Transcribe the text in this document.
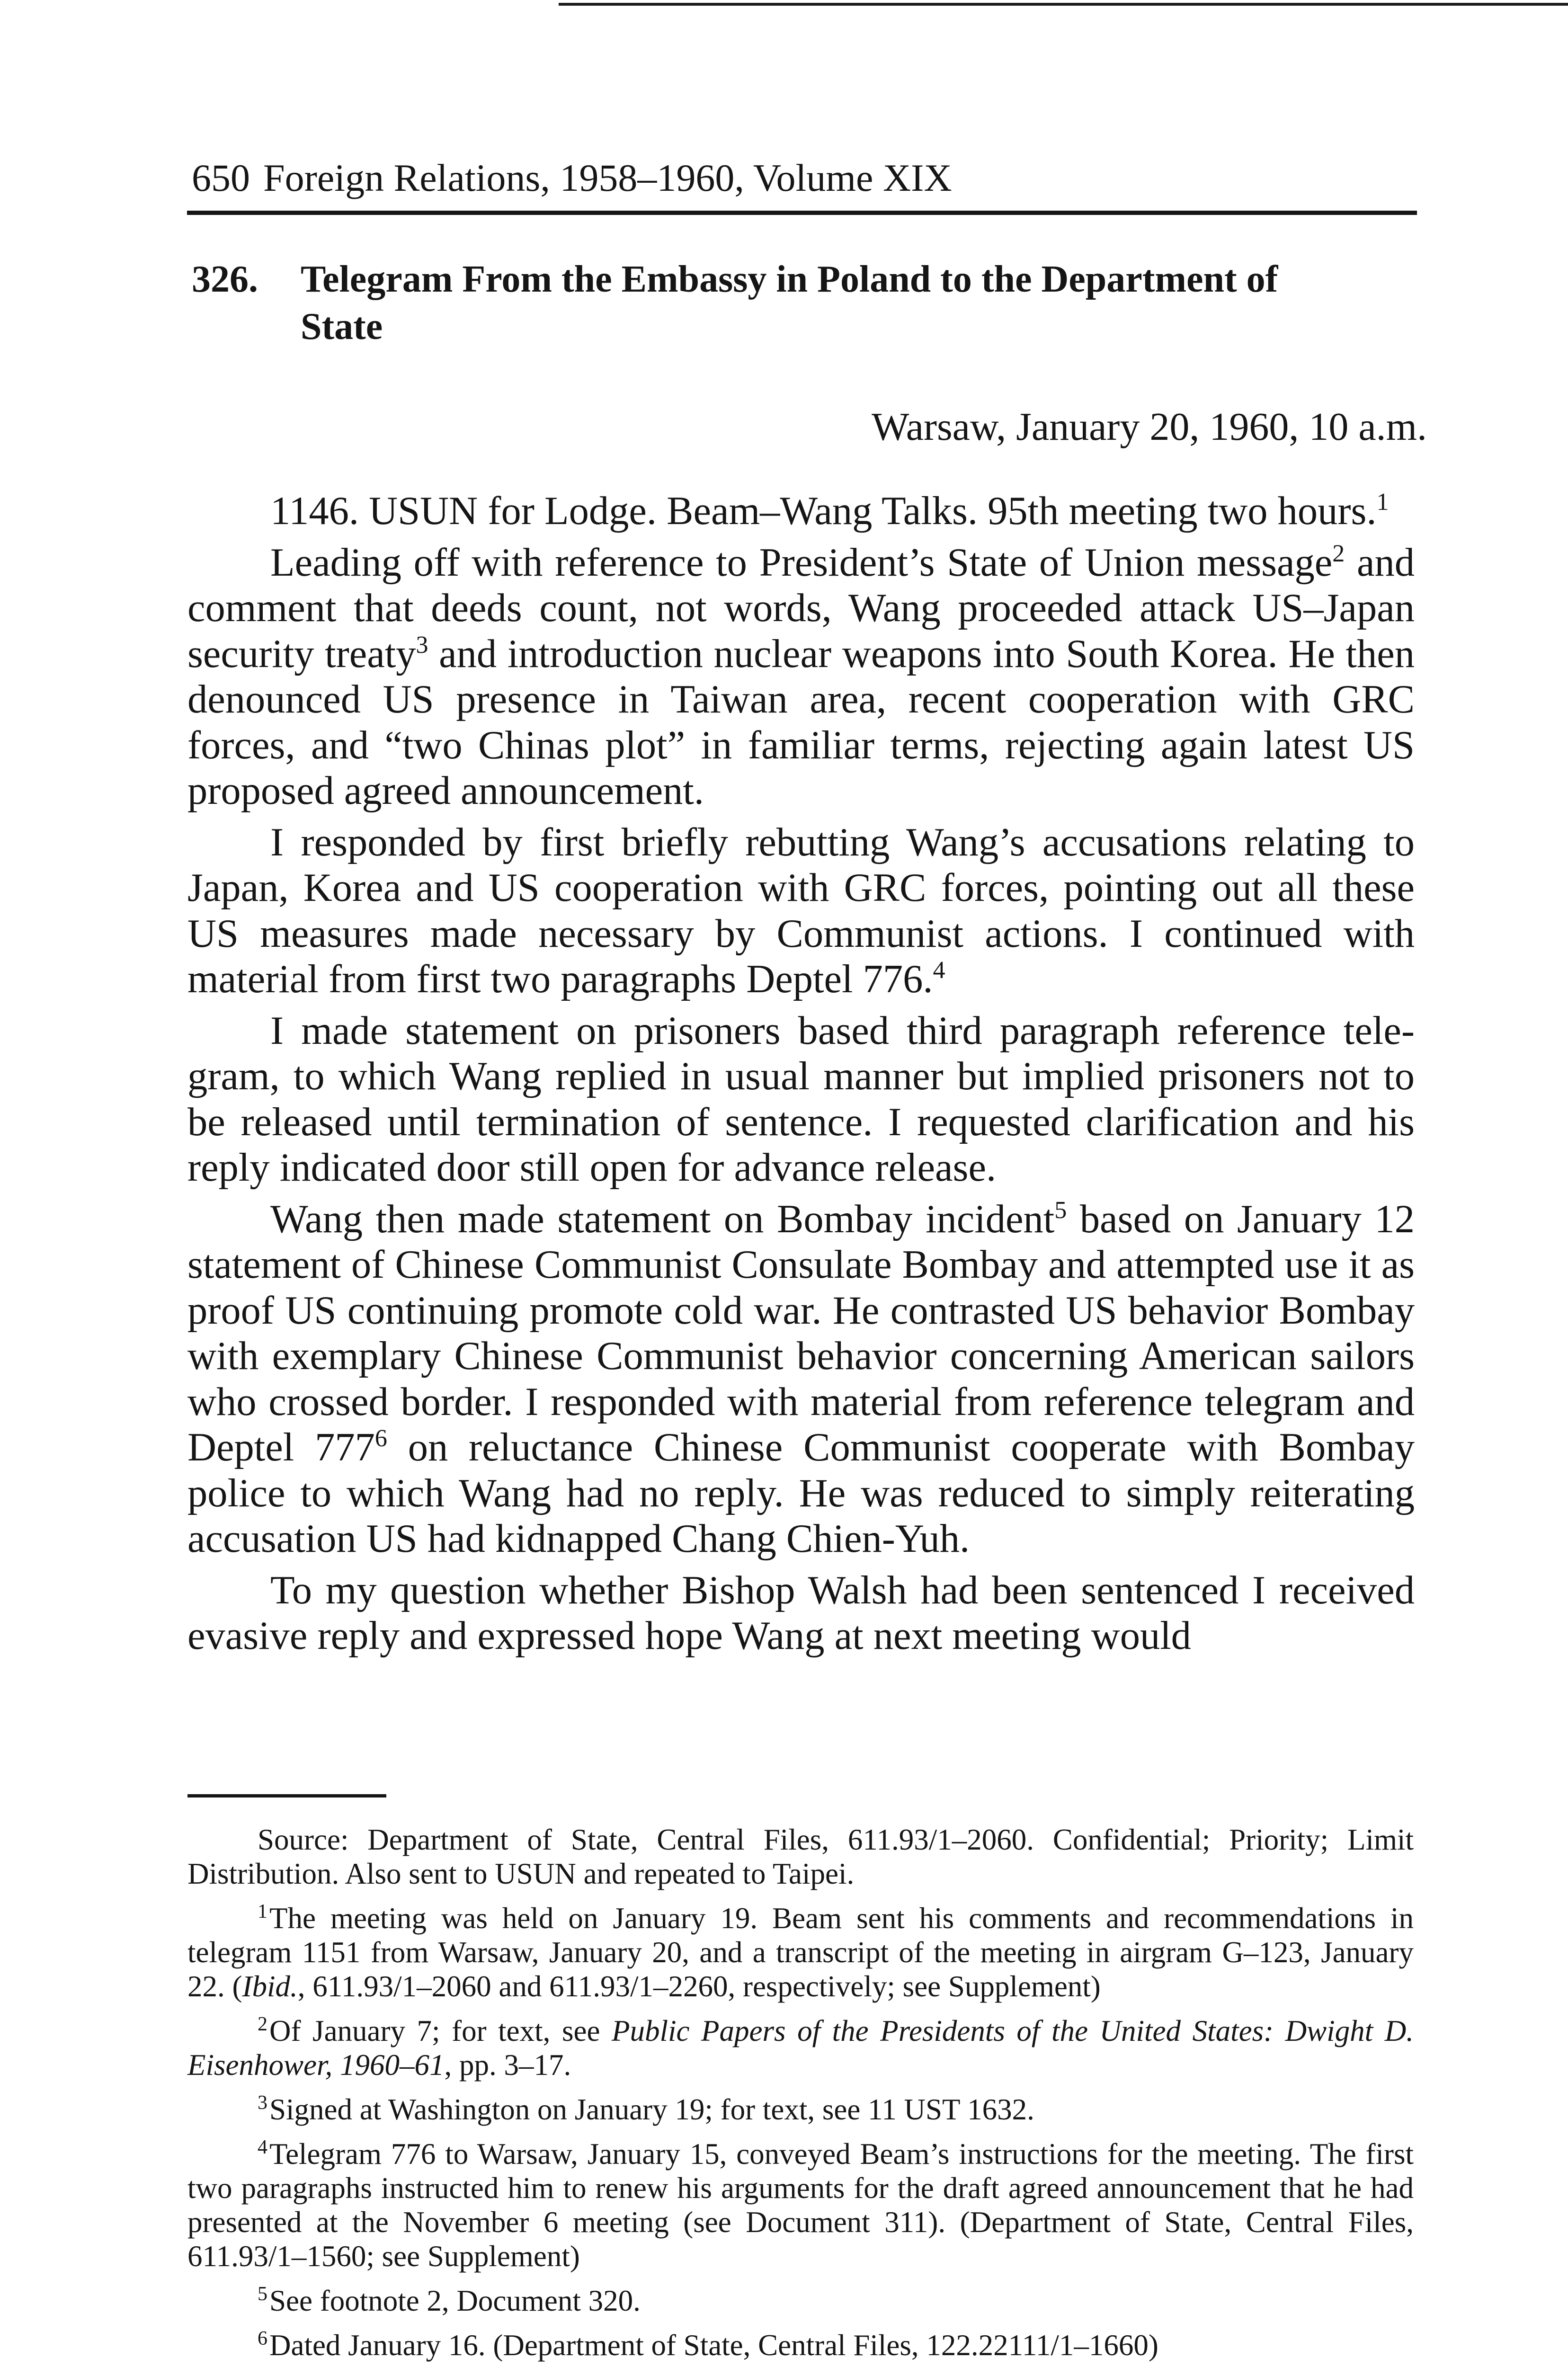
650 Foreign Relations, 1958–1960, Volume XIX
326. Telegram From the Embassy in Poland to the Department of
State
Warsaw, January 20, 1960, 10 a.m.

1146. USUN for Lodge. Beam–Wang Talks. 95th meeting two hours.$^1$

Leading off with reference to President’s State of Union message$^2$ and comment that deeds count, not words, Wang proceeded attack US–Japan security treaty$^3$ and introduction nuclear weapons into South Korea. He then denounced US presence in Taiwan area, recent cooperation with GRC forces, and “two Chinas plot” in familiar terms, rejecting again latest US proposed agreed announcement.

I responded by first briefly rebutting Wang’s accusations relating to Japan, Korea and US cooperation with GRC forces, pointing out all these US measures made necessary by Communist actions. I continued with material from first two paragraphs Deptel 776.$^4$

I made statement on prisoners based third paragraph reference telegram, to which Wang replied in usual manner but implied prisoners not to be released until termination of sentence. I requested clarification and his reply indicated door still open for advance release.

Wang then made statement on Bombay incident$^5$ based on January 12 statement of Chinese Communist Consulate Bombay and attempted use it as proof US continuing promote cold war. He contrasted US behavior Bombay with exemplary Chinese Communist behavior concerning American sailors who crossed border. I responded with material from reference telegram and Deptel 777$^6$ on reluctance Chinese Communist cooperate with Bombay police to which Wang had no reply. He was reduced to simply reiterating accusation US had kidnapped Chang Chien-Yuh.

To my question whether Bishop Walsh had been sentenced I received evasive reply and expressed hope Wang at next meeting would

Source: Department of State, Central Files, 611.93/1–2060. Confidential; Priority; Limit Distribution. Also sent to USUN and repeated to Taipei.

$^1$The meeting was held on January 19. Beam sent his comments and recommendations in telegram 1151 from Warsaw, January 20, and a transcript of the meeting in airgram G–123, January 22. (Ibid., 611.93/1–2060 and 611.93/1–2260, respectively; see Supplement)

$^2$Of January 7; for text, see Public Papers of the Presidents of the United States: Dwight D. Eisenhower, 1960–61, pp. 3–17.

$^3$Signed at Washington on January 19; for text, see 11 UST 1632.

$^4$Telegram 776 to Warsaw, January 15, conveyed Beam’s instructions for the meeting. The first two paragraphs instructed him to renew his arguments for the draft agreed announcement that he had presented at the November 6 meeting (see Document 311). (Department of State, Central Files, 611.93/1–1560; see Supplement)

$^5$See footnote 2, Document 320.

$^6$Dated January 16. (Department of State, Central Files, 122.22111/1–1660)
